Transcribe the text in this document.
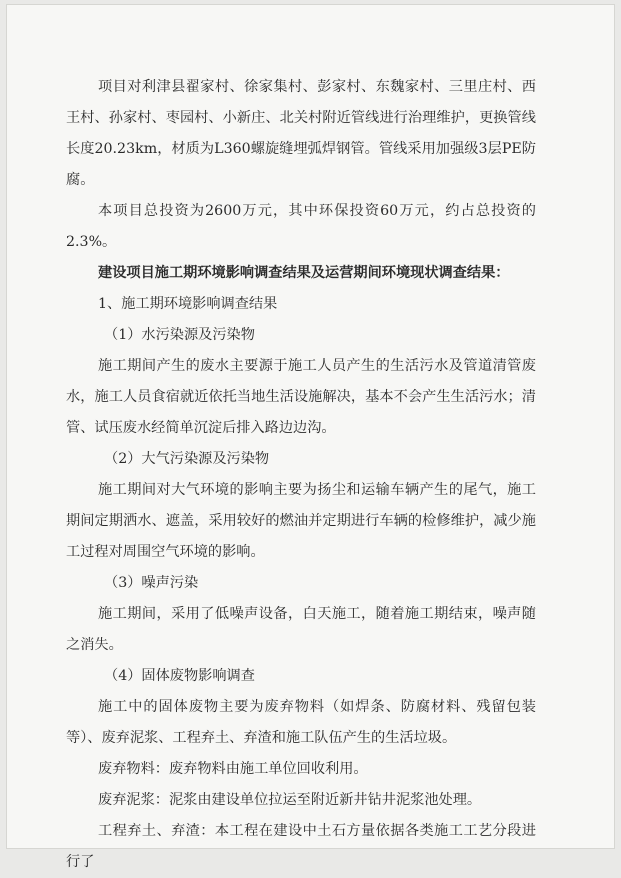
项目对利津县翟家村、徐家集村、彭家村、东魏家村、三里庄村、西王村、孙家村、枣园村、小新庄、北关村附近管线进行治理维护，更换管线长度20.23km，材质为L360螺旋缝埋弧焊钢管。管线采用加强级3层PE防腐。

本项目总投资为2600万元，其中环保投资60万元，约占总投资的2.3%。

建设项目施工期环境影响调查结果及运营期间环境现状调查结果：

1、施工期环境影响调查结果

（1）水污染源及污染物

施工期间产生的废水主要源于施工人员产生的生活污水及管道清管废水，施工人员食宿就近依托当地生活设施解决，基本不会产生生活污水；清管、试压废水经简单沉淀后排入路边边沟。

（2）大气污染源及污染物

施工期间对大气环境的影响主要为扬尘和运输车辆产生的尾气，施工期间定期洒水、遮盖，采用较好的燃油并定期进行车辆的检修维护，减少施工过程对周围空气环境的影响。

（3）噪声污染

施工期间，采用了低噪声设备，白天施工，随着施工期结束，噪声随之消失。

（4）固体废物影响调查

施工中的固体废物主要为废弃物料（如焊条、防腐材料、残留包装等）、废弃泥浆、工程弃土、弃渣和施工队伍产生的生活垃圾。

废弃物料：废弃物料由施工单位回收利用。

废弃泥浆：泥浆由建设单位拉运至附近新井钻井泥浆池处理。

工程弃土、弃渣：本工程在建设中土石方量依据各类施工工艺分段进行了
